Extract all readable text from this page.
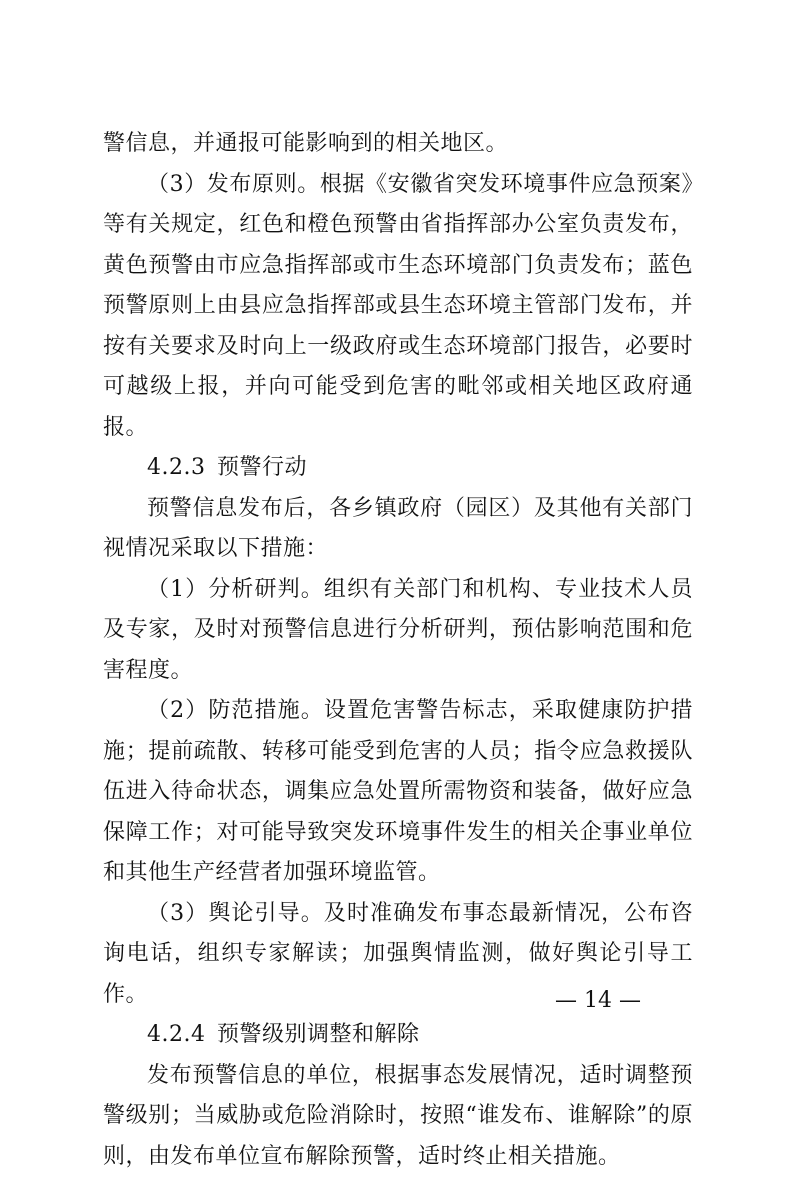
警信息，并通报可能影响到的相关地区。

（3）发布原则。根据《安徽省突发环境事件应急预案》等有关规定，红色和橙色预警由省指挥部办公室负责发布，黄色预警由市应急指挥部或市生态环境部门负责发布；蓝色预警原则上由县应急指挥部或县生态环境主管部门发布，并按有关要求及时向上一级政府或生态环境部门报告，必要时可越级上报，并向可能受到危害的毗邻或相关地区政府通报。

4.2.3 预警行动

预警信息发布后，各乡镇政府（园区）及其他有关部门视情况采取以下措施：

（1）分析研判。组织有关部门和机构、专业技术人员及专家，及时对预警信息进行分析研判，预估影响范围和危害程度。

（2）防范措施。设置危害警告标志，采取健康防护措施；提前疏散、转移可能受到危害的人员；指令应急救援队伍进入待命状态，调集应急处置所需物资和装备，做好应急保障工作；对可能导致突发环境事件发生的相关企事业单位和其他生产经营者加强环境监管。

（3）舆论引导。及时准确发布事态最新情况，公布咨询电话，组织专家解读；加强舆情监测，做好舆论引导工作。

4.2.4 预警级别调整和解除

发布预警信息的单位，根据事态发展情况，适时调整预警级别；当威胁或危险消除时，按照“谁发布、谁解除”的原则，由发布单位宣布解除预警，适时终止相关措施。

— 14 —
